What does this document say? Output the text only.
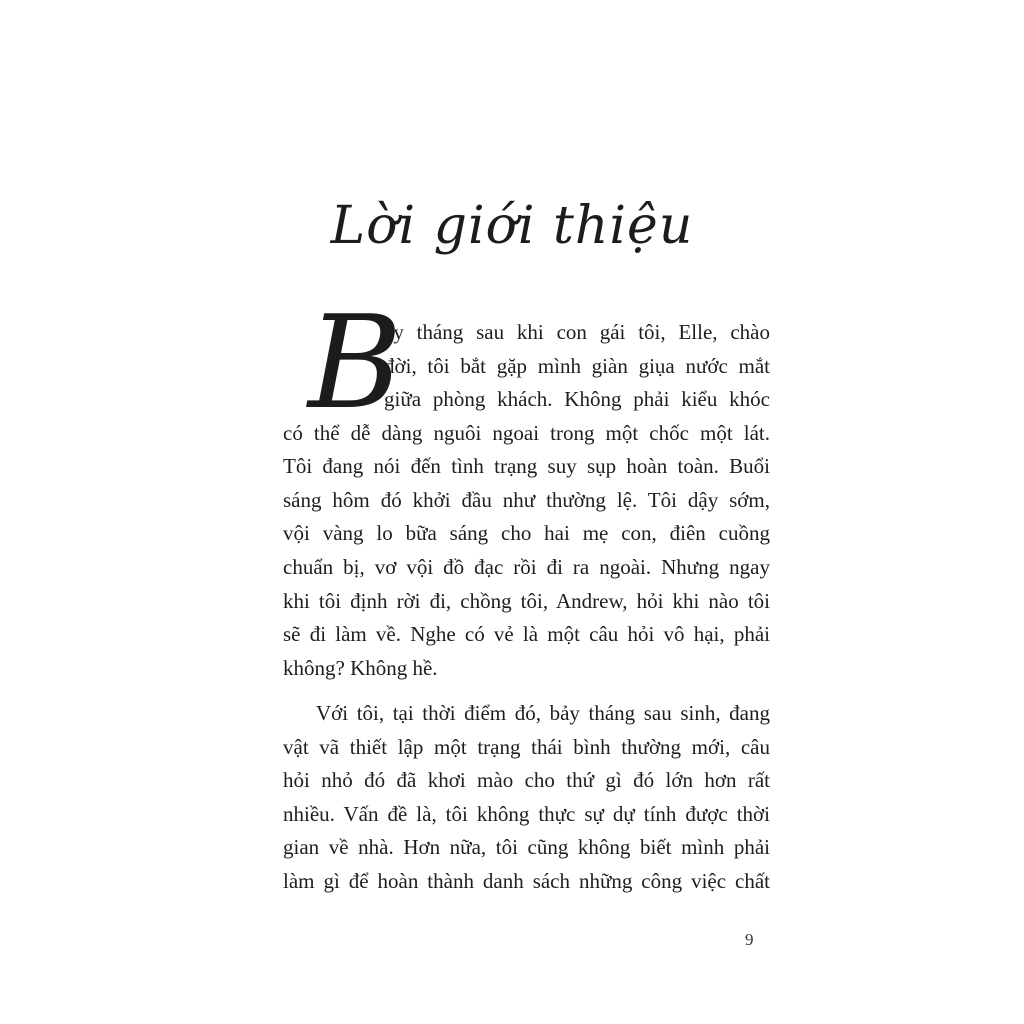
Lời giới thiệu
B
ảy tháng sau khi con gái tôi, Elle, chào
đời, tôi bắt gặp mình giàn giụa nước mắt
giữa phòng khách. Không phải kiểu khóc
có thể dễ dàng nguôi ngoai trong một chốc một lát.
Tôi đang nói đến tình trạng suy sụp hoàn toàn. Buổi
sáng hôm đó khởi đầu như thường lệ. Tôi dậy sớm,
vội vàng lo bữa sáng cho hai mẹ con, điên cuồng
chuẩn bị, vơ vội đồ đạc rồi đi ra ngoài. Nhưng ngay
khi tôi định rời đi, chồng tôi, Andrew, hỏi khi nào tôi
sẽ đi làm về. Nghe có vẻ là một câu hỏi vô hại, phải
không? Không hề.
Với tôi, tại thời điểm đó, bảy tháng sau sinh, đang
vật vã thiết lập một trạng thái bình thường mới, câu
hỏi nhỏ đó đã khơi mào cho thứ gì đó lớn hơn rất
nhiều. Vấn đề là, tôi không thực sự dự tính được thời
gian về nhà. Hơn nữa, tôi cũng không biết mình phải
làm gì để hoàn thành danh sách những công việc chất
9
